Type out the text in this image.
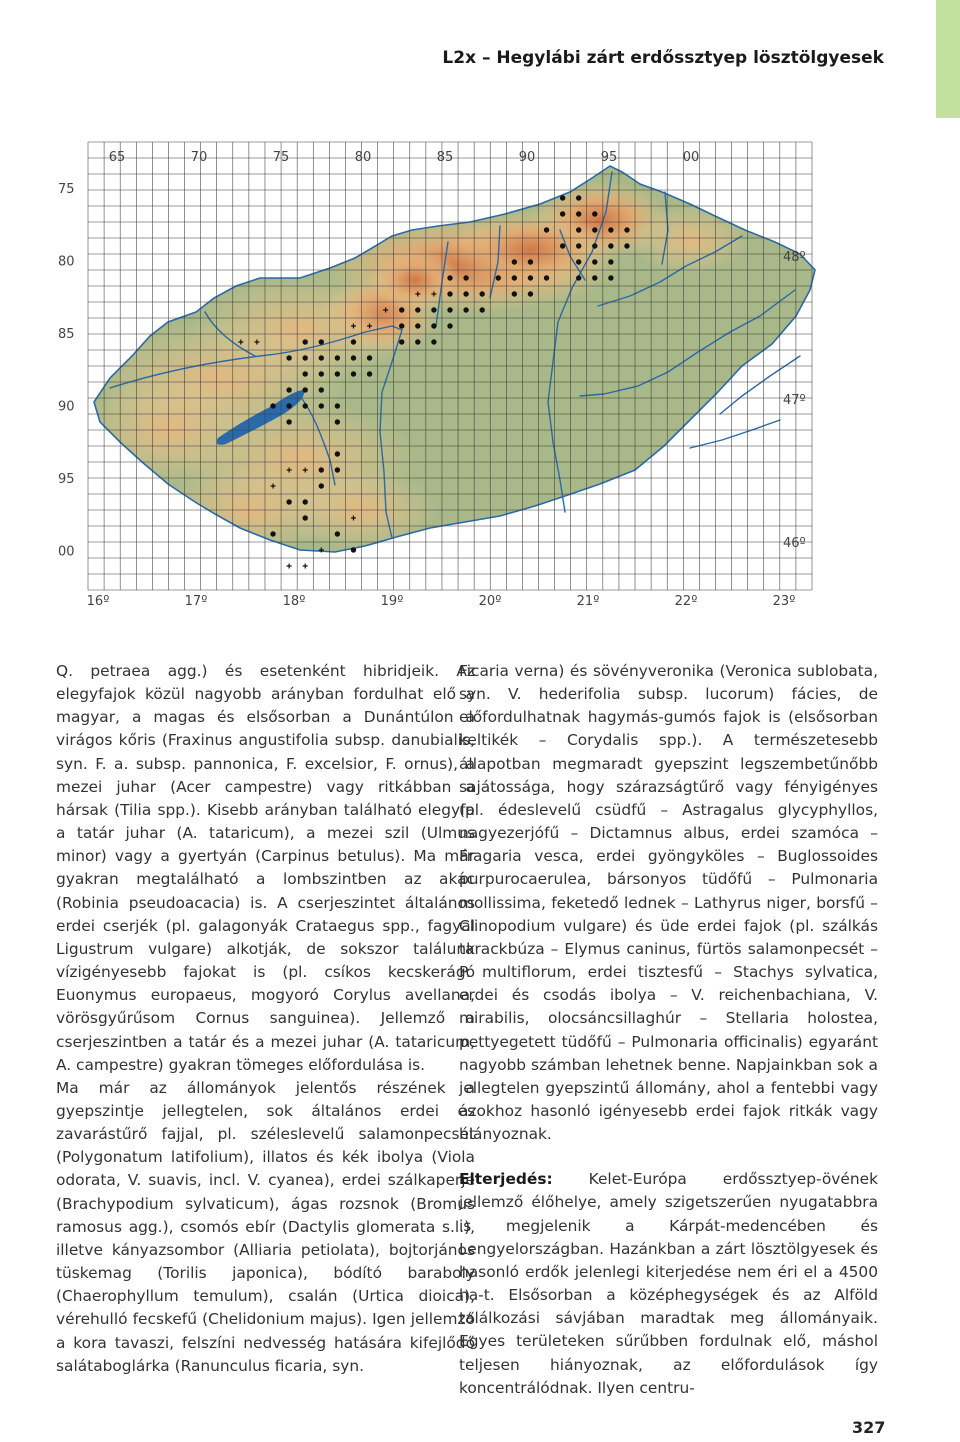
L2x – Hegylábi zárt erdőssztyep lösztölgyesek
65	70	75	80	85	90	95	00
75
80
85
90
95
00
16º	17º	18º	19º	20º	21º	22º	23º
48º
47º
46º

Q. petraea agg.) és esetenként hibridjeik. Az elegyfajok közül nagyobb arányban fordulhat elő a magyar, a magas és elsősorban a Dunántúlon a virágos kőris (Fraxinus angustifolia subsp. danubialis, syn. F. a. subsp. pannonica, F. excelsior, F. ornus), a mezei juhar (Acer campestre) vagy ritkábban a hársak (Tilia spp.). Kisebb arányban található elegyfa a tatár juhar (A. tataricum), a mezei szil (Ulmus minor) vagy a gyertyán (Carpinus betulus). Ma már gyakran megtalálható a lombszintben az akác (Robinia pseudoacacia) is. A cserjeszintet általános erdei cserjék (pl. galagonyák Crataegus spp., fagyal Ligustrum vulgare) alkotják, de sokszor találunk vízigényesebb fajokat is (pl. csíkos kecskerágó Euonymus europaeus, mogyoró Corylus avellana, vörösgyűrűsom Cornus sanguinea). Jellemző a cserjeszintben a tatár és a mezei juhar (A. tataricum, A. campestre) gyakran tömeges előfordulása is.

Ma már az állományok jelentős részének a gyepszintje jellegtelen, sok általános erdei és zavarástűrő fajjal, pl. széleslevelű salamonpecsét (Polygonatum latifolium), illatos és kék ibolya (Viola odorata, V. suavis, incl. V. cyanea), erdei szálkaperje (Brachypodium sylvaticum), ágas rozsnok (Bromus ramosus agg.), csomós ebír (Dactylis glomerata s.l.), illetve kányazsombor (Alliaria petiolata), bojtorjános tüskemag (Torilis japonica), bódító baraboly (Chaerophyllum temulum), csalán (Urtica dioica), vérehulló fecskefű (Chelidonium majus). Igen jellemző a kora tavaszi, felszíni nedvesség hatására kifejlődő salátaboglárka (Ranunculus ficaria, syn.

Ficaria verna) és sövényveronika (Veronica sublobata, syn. V. hederifolia subsp. lucorum) fácies, de előfordulhatnak hagymás-gumós fajok is (elsősorban keltikék – Corydalis spp.). A természetesebb állapotban megmaradt gyepszint legszembetűnőbb sajátossága, hogy szárazságtűrő vagy fényigényes (pl. édeslevelű csüdfű – Astragalus glycyphyllos, nagyezerjófű – Dictamnus albus, erdei szamóca – Fragaria vesca, erdei gyöngyköles – Buglossoides purpurocaerulea, bársonyos tüdőfű – Pulmonaria mollissima, feketedő lednek – Lathyrus niger, borsfű – Clinopodium vulgare) és üde erdei fajok (pl. szálkás tarackbúza – Elymus caninus, fürtös salamonpecsét – P. multiflorum, erdei tisztesfű – Stachys sylvatica, erdei és csodás ibolya – V. reichenbachiana, V. mirabilis, olocsáncsillaghúr – Stellaria holostea, pettyegetett tüdőfű – Pulmonaria officinalis) egyaránt nagyobb számban lehetnek benne. Napjainkban sok a jellegtelen gyepszintű állomány, ahol a fentebbi vagy azokhoz hasonló igényesebb erdei fajok ritkák vagy hiányoznak.

Elterjedés: Kelet-Európa erdőssztyep-övének jellemző élőhelye, amely szigetszerűen nyugatabbra is megjelenik a Kárpát-medencében és Lengyelországban. Hazánkban a zárt lösztölgyesek és hasonló erdők jelenlegi kiterjedése nem éri el a 4500 ha-t. Elsősorban a középhegységek és az Alföld találkozási sávjában maradtak meg állományaik. Egyes területeken sűrűbben fordulnak elő, máshol teljesen hiányoznak, az előfordulások így koncentrálódnak. Ilyen centru-

327
